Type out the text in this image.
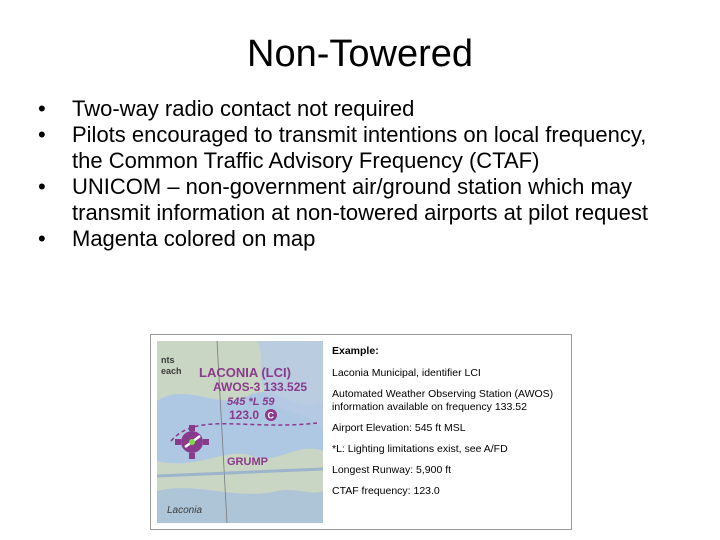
Non-Towered
• Two-way radio contact not required
• Pilots encouraged to transmit intentions on local frequency, the Common Traffic Advisory Frequency (CTAF)
• UNICOM – non-government air/ground station which may transmit information at non-towered airports at pilot request
• Magenta colored on map
nts
each LACONIA (LCI)
AWOS-3 133.525
545 *L 59
123.0 C
GRUMP
Laconia
Example:
Laconia Municipal, identifier LCI
Automated Weather Observing Station (AWOS) information available on frequency 133.52
Airport Elevation: 545 ft MSL
*L: Lighting limitations exist, see A/FD
Longest Runway: 5,900 ft
CTAF frequency: 123.0
